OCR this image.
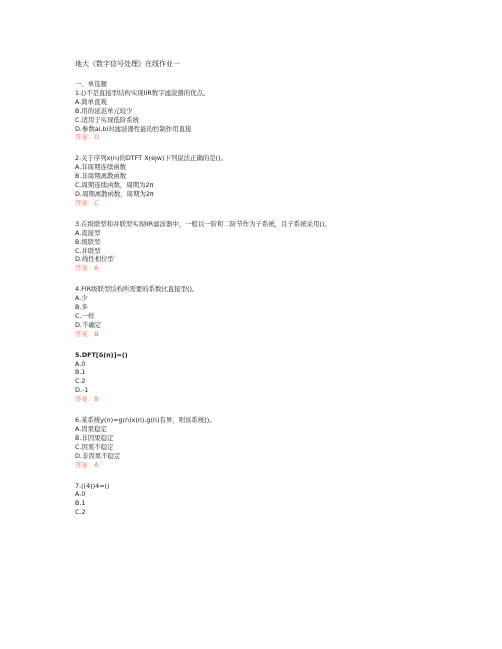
地大《数字信号处理》在线作业一
一、单选题
1.()不是直接型结构实现IIR数字滤波器的优点。
A.简单直观
B.用的延迟单元较少
C.适用于实现低阶系统
D.参数ai,bi对滤波器性能的控制作用直接
答案：D
2.关于序列x(n)的DTFT X(ejw)下列说法正确的是()。
A.非周期连续函数
B.非周期离散函数
C.周期连续函数，周期为2π
D.周期离散函数，周期为2π
答案：C
3.在级联型和并联型实现IIR滤波器中，一般以一阶和二阶节作为子系统，且子系统采用()。
A.直接型
B.级联型
C.并联型
D.线性相位型
答案：A
4.FIR级联型结构所需要的系数比直接型()。
A.少
B.多
C.一样
D.不确定
答案：B
5.DFT[δ(n)]=()
A.0
B.1
C.2
D.-1
答案：B
6.某系统y(n)=g(n)x(n),g(n)有界，则该系统()。
A.因果稳定
B.非因果稳定
C.因果不稳定
D.非因果不稳定
答案：A
7.((4))4=()
A.0
B.1
C.2
